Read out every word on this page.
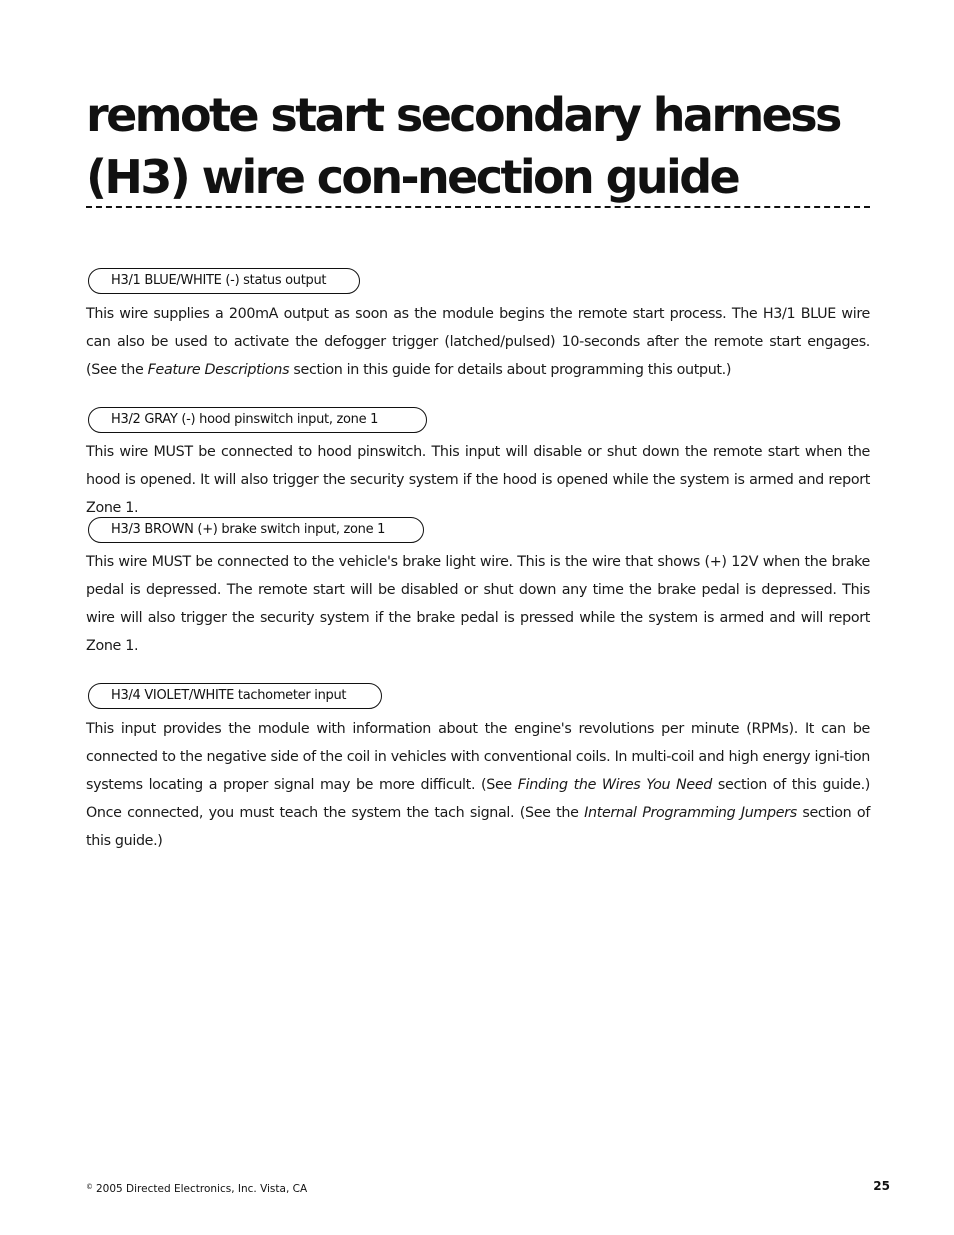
remote start secondary harness (H3) wire con-nection guide
H3/1 BLUE/WHITE (-) status output

This wire supplies a 200mA output as soon as the module begins the remote start process. The H3/1 BLUE wire can also be used to activate the defogger trigger (latched/pulsed) 10-seconds after the remote start engages. (See the Feature Descriptions section in this guide for details about programming this output.)

H3/2 GRAY (-) hood pinswitch input, zone 1

This wire MUST be connected to hood pinswitch. This input will disable or shut down the remote start when the hood is opened. It will also trigger the security system if the hood is opened while the system is armed and report Zone 1.

H3/3 BROWN (+) brake switch input, zone 1

This wire MUST be connected to the vehicle's brake light wire. This is the wire that shows (+) 12V when the brake pedal is depressed. The remote start will be disabled or shut down any time the brake pedal is depressed. This wire will also trigger the security system if the brake pedal is pressed while the system is armed and will report Zone 1.

H3/4 VIOLET/WHITE tachometer input

This input provides the module with information about the engine's revolutions per minute (RPMs). It can be connected to the negative side of the coil in vehicles with conventional coils. In multi-coil and high energy igni-tion systems locating a proper signal may be more difficult. (See Finding the Wires You Need section of this guide.) Once connected, you must teach the system the tach signal. (See the Internal Programming Jumpers section of this guide.)

© 2005 Directed Electronics, Inc. Vista, CA	25
